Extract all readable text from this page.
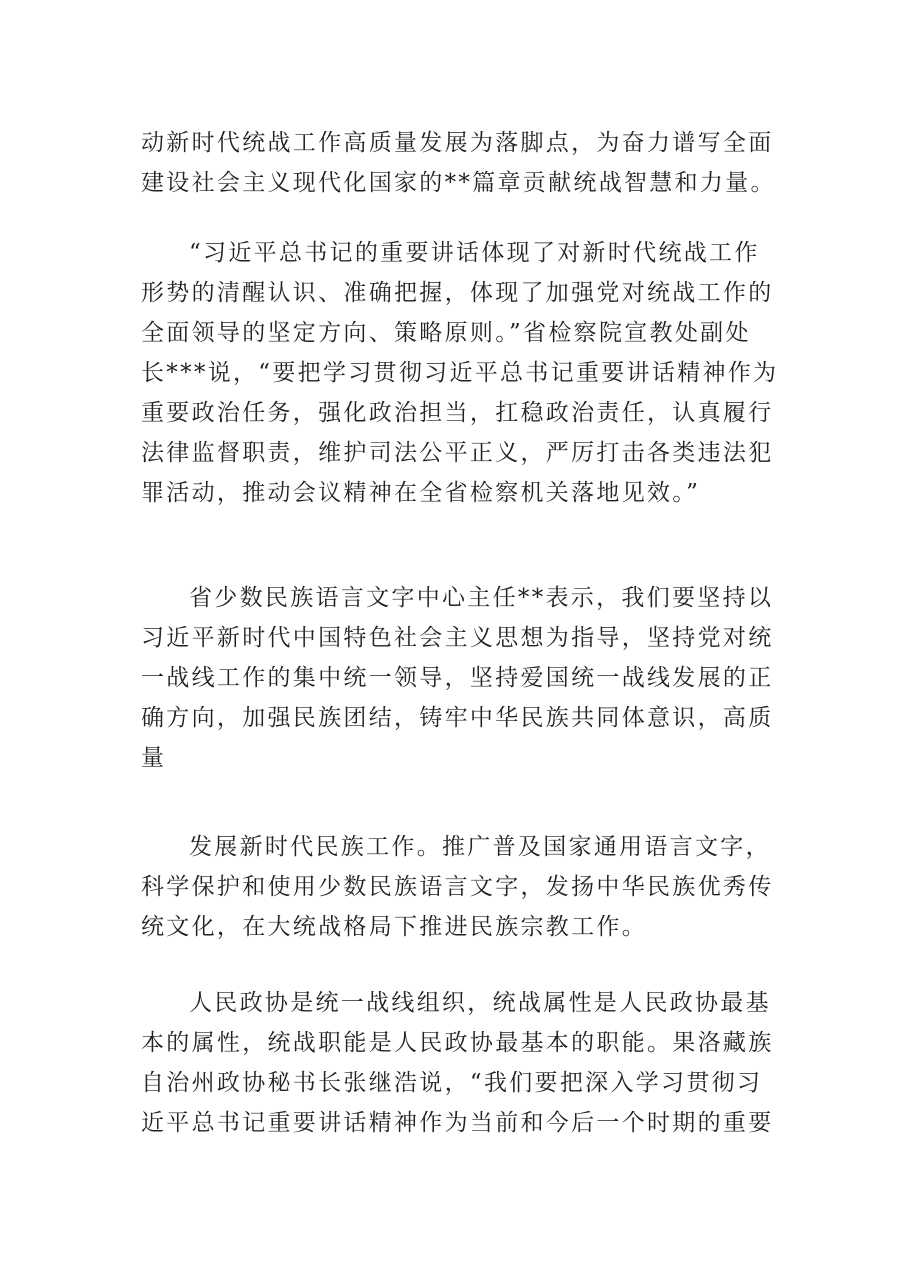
动新时代统战工作高质量发展为落脚点，为奋力谱写全面
建设社会主义现代化国家的**篇章贡献统战智慧和力量。
“习近平总书记的重要讲话体现了对新时代统战工作
形势的清醒认识、准确把握，体现了加强党对统战工作的
全面领导的坚定方向、策略原则。”省检察院宣教处副处
长***说，“要把学习贯彻习近平总书记重要讲话精神作为
重要政治任务，强化政治担当，扛稳政治责任，认真履行
法律监督职责，维护司法公平正义，严厉打击各类违法犯
罪活动，推动会议精神在全省检察机关落地见效。”
省少数民族语言文字中心主任**表示，我们要坚持以
习近平新时代中国特色社会主义思想为指导，坚持党对统
一战线工作的集中统一领导，坚持爱国统一战线发展的正
确方向，加强民族团结，铸牢中华民族共同体意识，高质
量
发展新时代民族工作。推广普及国家通用语言文字，
科学保护和使用少数民族语言文字，发扬中华民族优秀传
统文化，在大统战格局下推进民族宗教工作。
人民政协是统一战线组织，统战属性是人民政协最基
本的属性，统战职能是人民政协最基本的职能。果洛藏族
自治州政协秘书长张继浩说，“我们要把深入学习贯彻习
近平总书记重要讲话精神作为当前和今后一个时期的重要
